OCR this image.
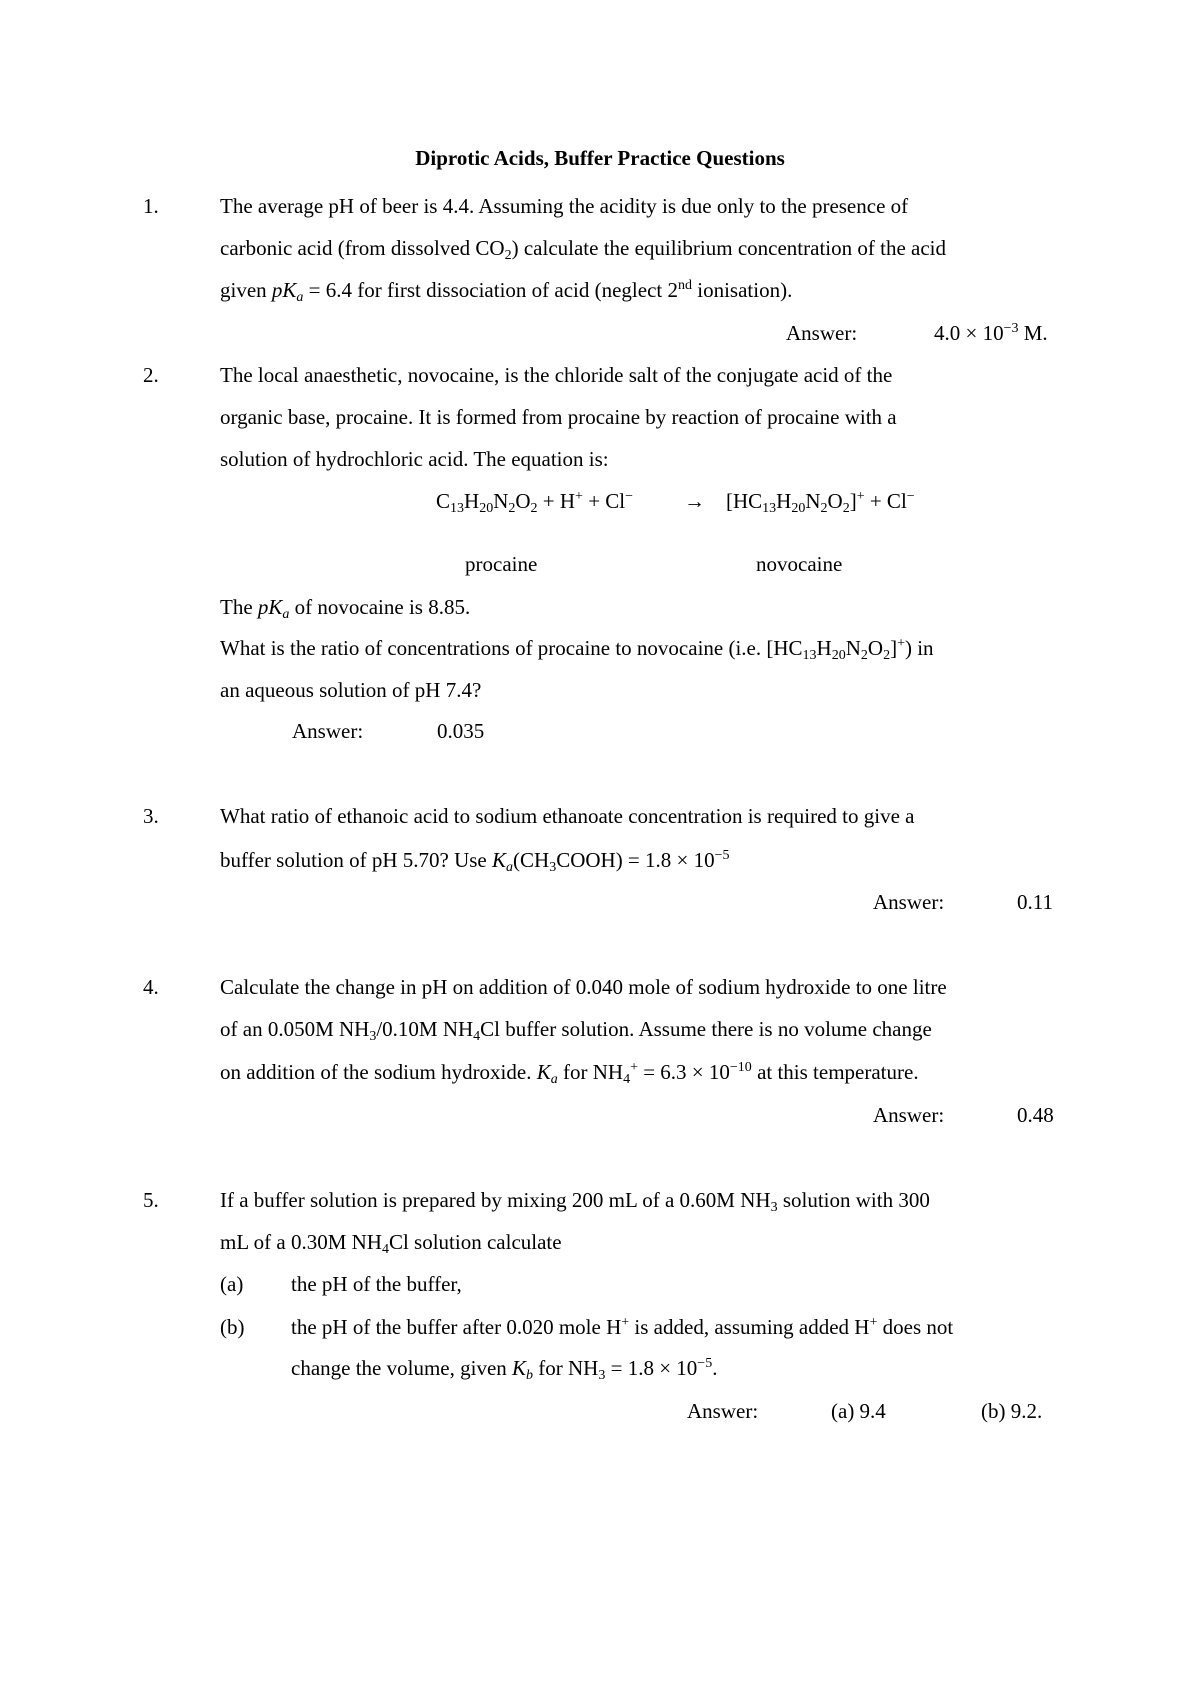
Diprotic Acids, Buffer Practice Questions
1.	The average pH of beer is 4.4. Assuming the acidity is due only to the presence of
carbonic acid (from dissolved $CO_2$) calculate the equilibrium concentration of the acid
given $pK_a = 6.4$ for first dissociation of acid (neglect 2nd ionisation).
Answer:	$4.0 \times 10^{-3}$ M.
2.	The local anaesthetic, novocaine, is the chloride salt of the conjugate acid of the
organic base, procaine. It is formed from procaine by reaction of procaine with a
solution of hydrochloric acid. The equation is:
$C_{13}H_{20}N_2O_2 + H^+ + Cl^- \to [HC_{13}H_{20}N_2O_2]^+ + Cl^-$
procaine	novocaine
The $pK_a$ of novocaine is 8.85.
What is the ratio of concentrations of procaine to novocaine (i.e. $[HC_{13}H_{20}N_2O_2]^+$) in
an aqueous solution of pH 7.4?
Answer:	0.035
3.	What ratio of ethanoic acid to sodium ethanoate concentration is required to give a
buffer solution of pH 5.70? Use $K_a(CH_3COOH) = 1.8 \times 10^{-5}$
Answer:	0.11
4.	Calculate the change in pH on addition of 0.040 mole of sodium hydroxide to one litre
of an 0.050M $NH_3/0.10M$ $NH_4Cl$ buffer solution. Assume there is no volume change
on addition of the sodium hydroxide. $K_a$ for $NH_4^+ = 6.3 \times 10^{-10}$ at this temperature.
Answer:	0.48
5.	If a buffer solution is prepared by mixing 200 mL of a 0.60M $NH_3$ solution with 300
mL of a 0.30M $NH_4Cl$ solution calculate
(a) the pH of the buffer,
(b) the pH of the buffer after 0.020 mole H+ is added, assuming added H+ does not
change the volume, given $K_b$ for $NH_3 = 1.8 \times 10^{-5}$.
Answer:	(a) 9.4	(b) 9.2.
